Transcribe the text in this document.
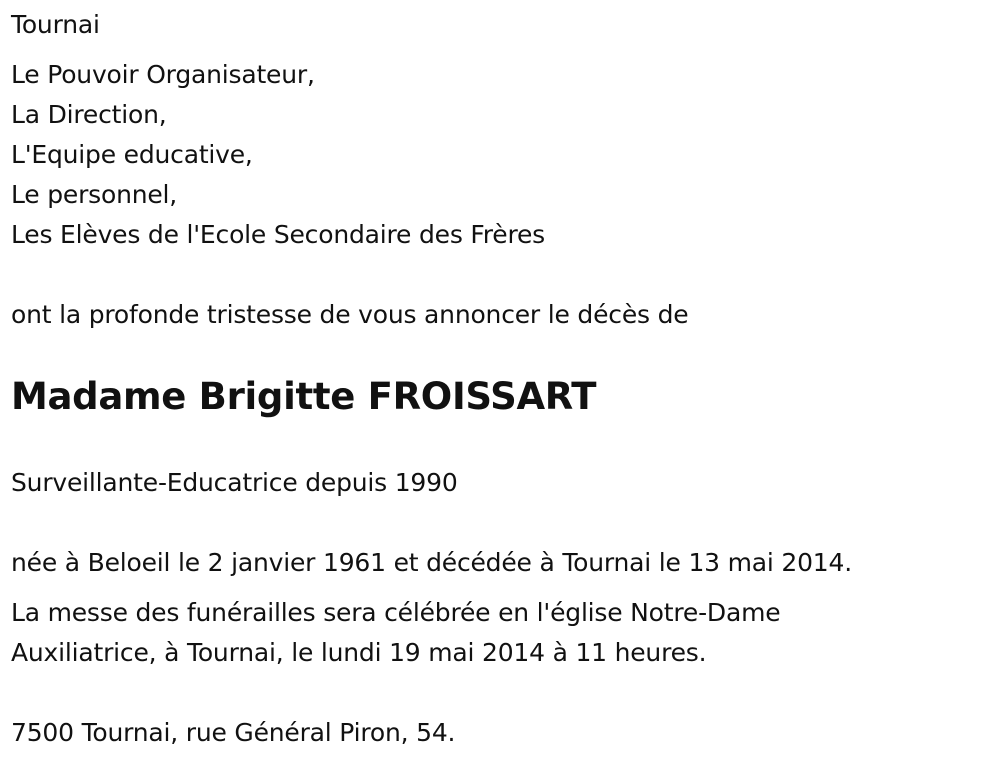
Tournai
Le Pouvoir Organisateur,
La Direction,
L'Equipe educative,
Le personnel,
Les Elèves de l'Ecole Secondaire des Frères
ont la profonde tristesse de vous annoncer le décès de
Madame Brigitte FROISSART
Surveillante-Educatrice depuis 1990
née à Beloeil le 2 janvier 1961 et décédée à Tournai le 13 mai 2014.
La messe des funérailles sera célébrée en l'église Notre-Dame
Auxiliatrice, à Tournai, le lundi 19 mai 2014 à 11 heures.
7500 Tournai, rue Général Piron, 54.
